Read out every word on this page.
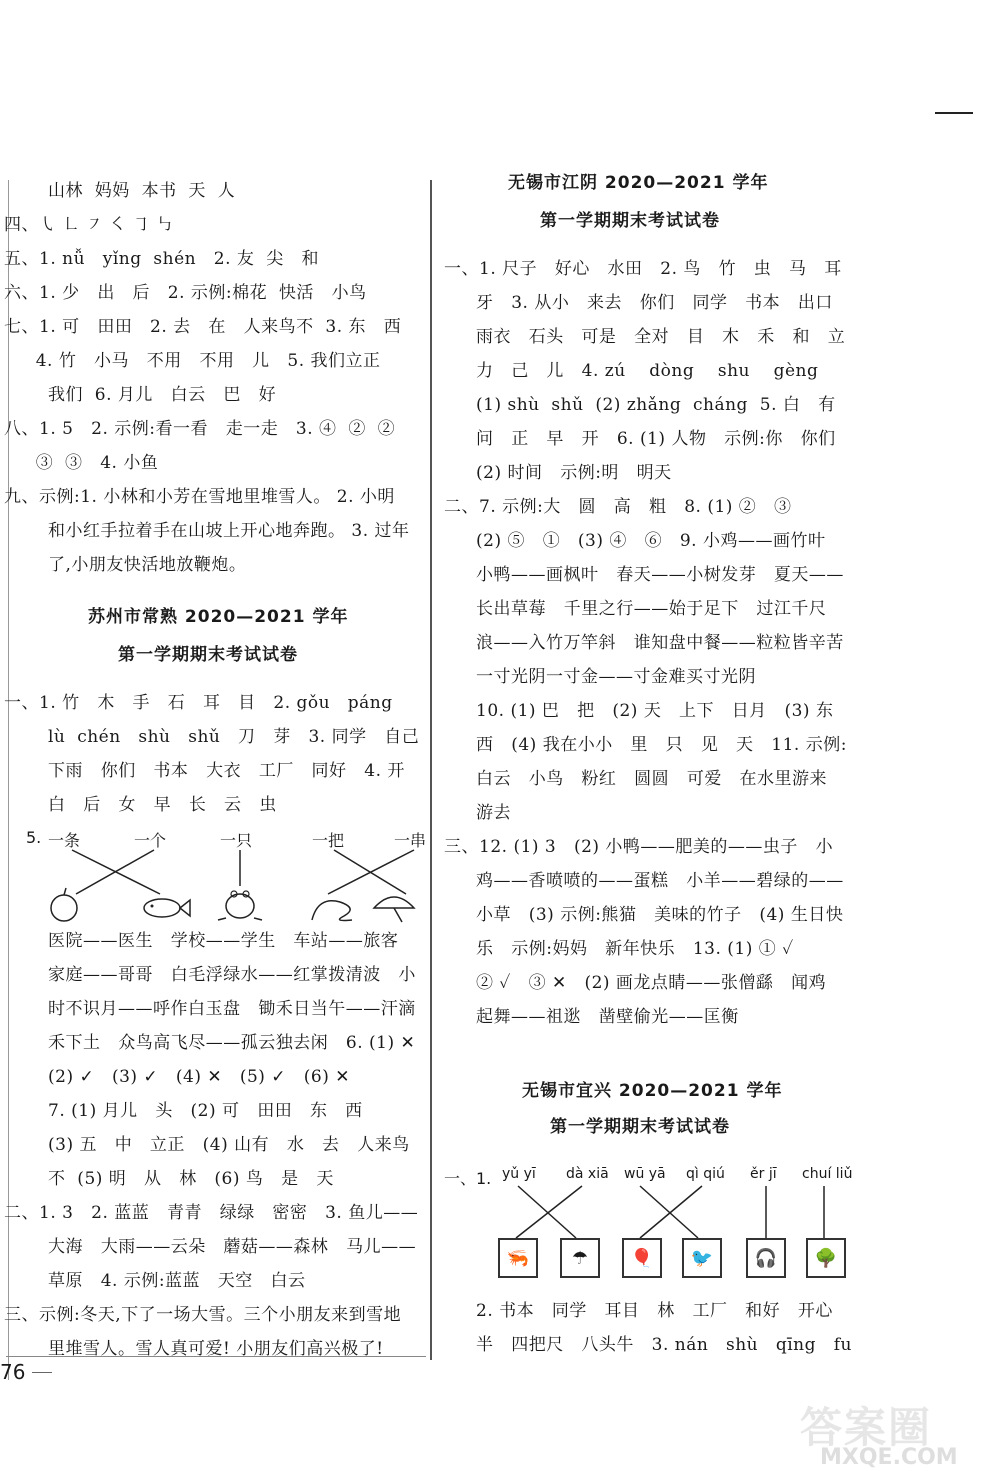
山林  妈妈  本书  天  人
四、㇂ ㇗ ㇇ ㇛ ㇆ ㇉
五、1. nǚ   yǐng  shén   2. 友  尖   和
六、1. 少   出   后   2. 示例:棉花  快活   小鸟
七、1. 可   田田   2. 去   在   人来鸟不  3. 东   西
4. 竹   小马   不用   不用   儿   5. 我们立正
我们  6. 月儿   白云   巴   好
八、1. 5   2. 示例:看一看   走一走   3. ④  ②  ②
③  ③   4. 小鱼
九、示例:1. 小林和小芳在雪地里堆雪人。 2. 小明
和小红手拉着手在山坡上开心地奔跑。 3. 过年
了,小朋友快活地放鞭炮。
苏州市常熟 2020—2021 学年
第一学期期末考试试卷
一、1. 竹   木   手   石   耳   目   2. gǒu   páng
lù  chén   shù   shǔ   刀   芽   3. 同学   自己
下雨   你们   书本   大衣   工厂   同好   4. 开
白   后   女   早   长   云   虫
5. 一条	一个	一只	一把	一串
医院——医生   学校——学生   车站——旅客
家庭——哥哥   白毛浮绿水——红掌拨清波   小
时不识月——呼作白玉盘   锄禾日当午——汗滴
禾下土   众鸟高飞尽——孤云独去闲   6. (1) ✕
(2) ✓   (3) ✓   (4) ✕   (5) ✓   (6) ✕
7. (1) 月儿   头   (2) 可   田田   东   西
(3) 五   中   立正   (4) 山有   水   去   人来鸟
不  (5) 明   从   林   (6) 鸟   是   天
二、1. 3   2. 蓝蓝   青青   绿绿   密密   3. 鱼儿——
大海   大雨——云朵   蘑菇——森林   马儿——
草原   4. 示例:蓝蓝   天空   白云
三、示例:冬天,下了一场大雪。三个小朋友来到雪地
里堆雪人。雪人真可爱! 小朋友们高兴极了!
无锡市江阴 2020—2021 学年
第一学期期末考试试卷
一、1. 尺子   好心   水田   2. 鸟   竹   虫   马   耳
牙   3. 从小   来去   你们   同学   书本   出口
雨衣   石头   可是   全对   目   木   禾   和   立
力   己   儿   4. zú    dòng    shu    gèng
(1) shù  shǔ  (2) zhǎng  cháng  5. 白   有
问   正   早   开   6. (1) 人物   示例:你   你们
(2) 时间   示例:明   明天
二、7. 示例:大   圆   高   粗   8. (1) ②   ③
(2) ⑤   ①   (3) ④   ⑥   9. 小鸡——画竹叶
小鸭——画枫叶   春天——小树发芽   夏天——
长出草莓   千里之行——始于足下   过江千尺
浪——入竹万竿斜   谁知盘中餐——粒粒皆辛苦
一寸光阴一寸金——寸金难买寸光阴
10. (1) 巴   把   (2) 天   上下   日月   (3) 东
西   (4) 我在小小   里   只   见   天   11. 示例:
白云   小鸟   粉红   圆圆   可爱   在水里游来
游去
三、12. (1) 3   (2) 小鸭——肥美的——虫子   小
鸡——香喷喷的——蛋糕   小羊——碧绿的——
小草   (3) 示例:熊猫   美味的竹子   (4) 生日快
乐   示例:妈妈   新年快乐   13. (1) ① ✓
② ✓   ③ ✕   (2) 画龙点睛——张僧繇   闻鸡
起舞——祖逖   凿壁偷光——匡衡
无锡市宜兴 2020—2021 学年
第一学期期末考试试卷
一、1. yǔ yī dà xiā wū yā qì qiú ěr jī chuí liǔ
🦐	☂	🎈	🐦	🎧	🌳
2. 书本   同学   耳目   林   工厂   和好   开心
半   四把尺   八头牛   3. nán   shù   qīng   fu
76
答案圈
MXQE.COM
